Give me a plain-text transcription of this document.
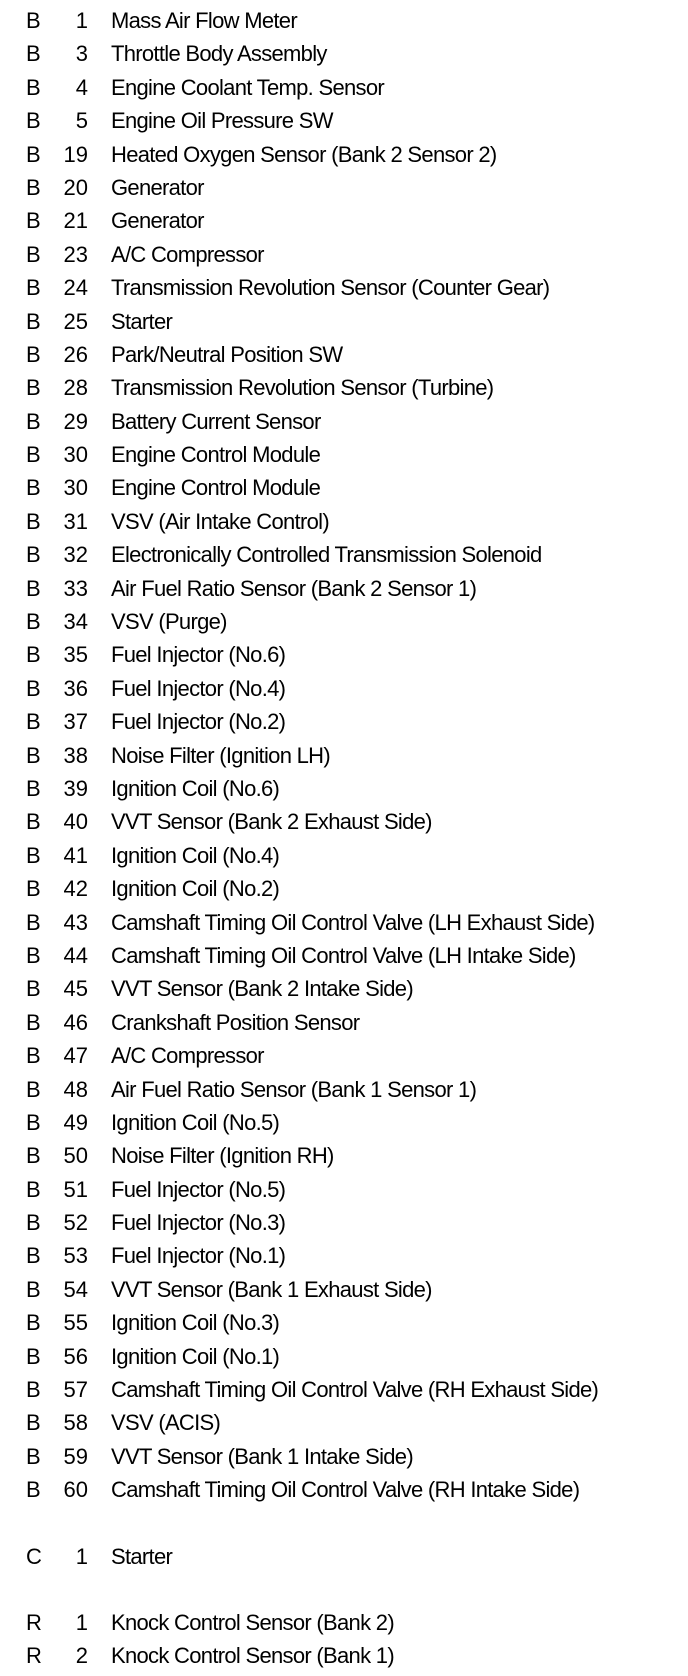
B	1 Mass Air Flow Meter
B	3 Throttle Body Assembly
B	4 Engine Coolant Temp. Sensor
B	5 Engine Oil Pressure SW
B	19 Heated Oxygen Sensor (Bank 2 Sensor 2)
B	20 Generator
B	21 Generator
B	23 A/C Compressor
B	24 Transmission Revolution Sensor (Counter Gear)
B	25 Starter
B	26 Park/Neutral Position SW
B	28 Transmission Revolution Sensor (Turbine)
B	29 Battery Current Sensor
B	30 Engine Control Module
B	30 Engine Control Module
B	31 VSV (Air Intake Control)
B	32 Electronically Controlled Transmission Solenoid
B	33 Air Fuel Ratio Sensor (Bank 2 Sensor 1)
B	34 VSV (Purge)
B	35 Fuel Injector (No.6)
B	36 Fuel Injector (No.4)
B	37 Fuel Injector (No.2)
B	38 Noise Filter (Ignition LH)
B	39 Ignition Coil (No.6)
B	40 VVT Sensor (Bank 2 Exhaust Side)
B	41 Ignition Coil (No.4)
B	42 Ignition Coil (No.2)
B	43 Camshaft Timing Oil Control Valve (LH Exhaust Side)
B	44 Camshaft Timing Oil Control Valve (LH Intake Side)
B	45 VVT Sensor (Bank 2 Intake Side)
B	46 Crankshaft Position Sensor
B	47 A/C Compressor
B	48 Air Fuel Ratio Sensor (Bank 1 Sensor 1)
B	49 Ignition Coil (No.5)
B	50 Noise Filter (Ignition RH)
B	51 Fuel Injector (No.5)
B	52 Fuel Injector (No.3)
B	53 Fuel Injector (No.1)
B	54 VVT Sensor (Bank 1 Exhaust Side)
B	55 Ignition Coil (No.3)
B	56 Ignition Coil (No.1)
B	57 Camshaft Timing Oil Control Valve (RH Exhaust Side)
B	58 VSV (ACIS)
B	59 VVT Sensor (Bank 1 Intake Side)
B	60 Camshaft Timing Oil Control Valve (RH Intake Side)
C	1 Starter
R	1 Knock Control Sensor (Bank 2)
R	2 Knock Control Sensor (Bank 1)
